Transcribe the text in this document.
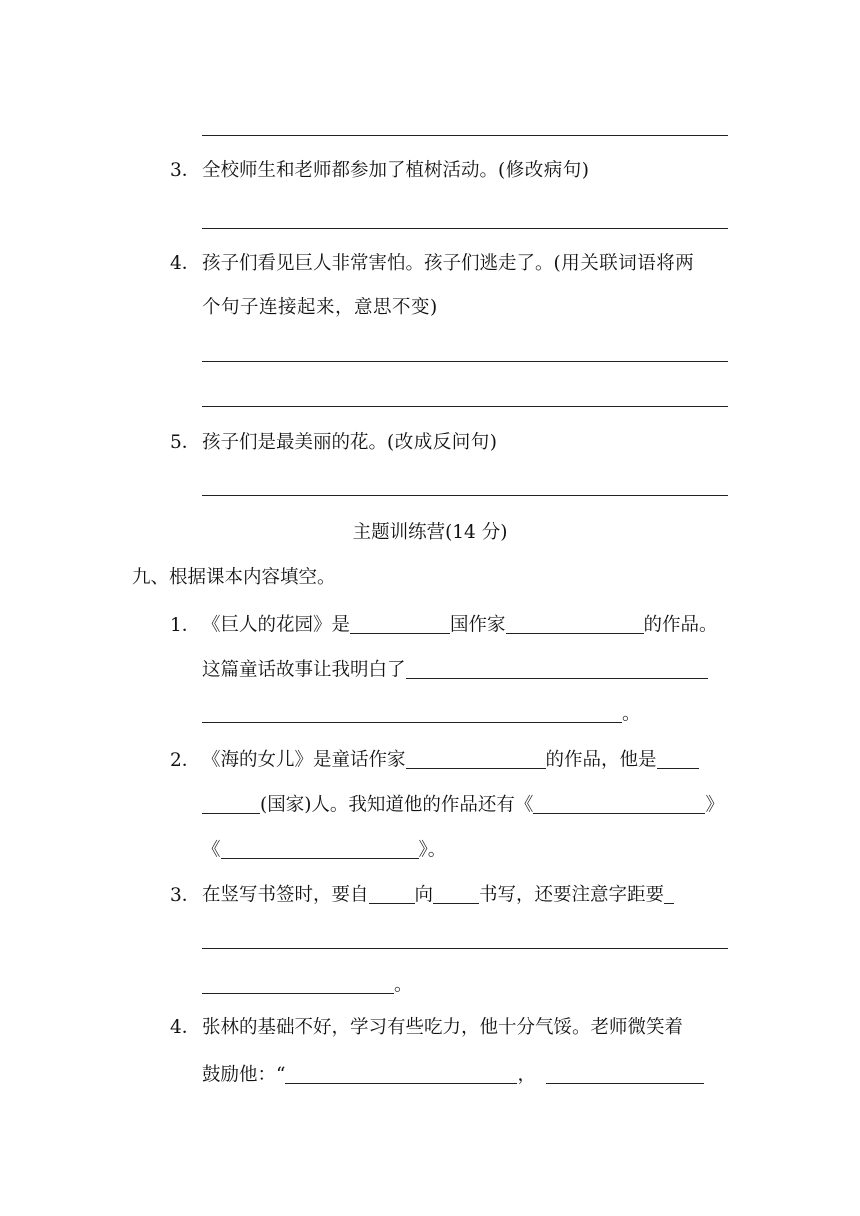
3．全校师生和老师都参加了植树活动。(修改病句)
4．孩子们看见巨人非常害怕。孩子们逃走了。(用关联词语将两
个句子连接起来，意思不变)
5．孩子们是最美丽的花。(改成反问句)
主题训练营(14 分)
九、根据课本内容填空。
1．《巨人的花园》是	国作家	的作品。
这篇童话故事让我明白了
。
2．《海的女儿》是童话作家	的作品，他是
(国家)人。我知道他的作品还有《	》
《	》。
3．在竖写书签时，要自 向 书写，还要注意字距要
。
4．张林的基础不好，学习有些吃力，他十分气馁。老师微笑着
鼓励他：“	，
